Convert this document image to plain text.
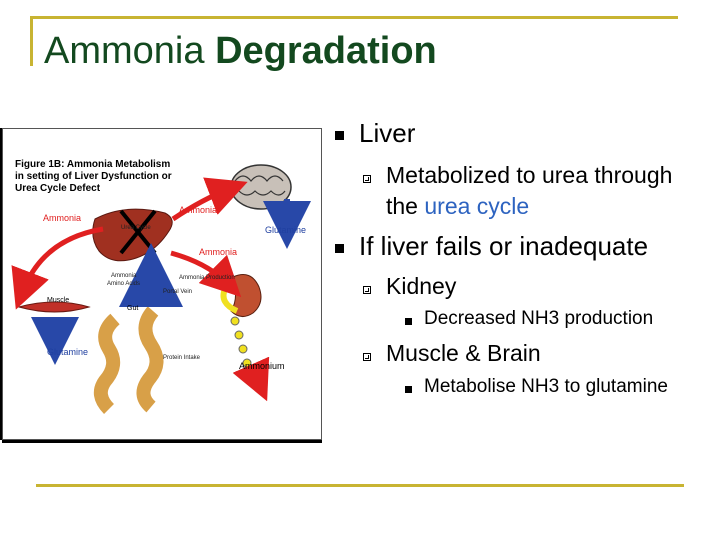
Ammonia Degradation
Figure 1B: Ammonia Metabolism
in setting of Liver Dysfunction or
Urea Cycle Defect
Ammonia
Ammonia
Ammonia
Glutamine
Glutamine
Muscle
Gut
Ammonium
Ammonia
Amino Acids
Portal Vein
Ammonia Production
Protein Intake
Urea Cycle

Liver

Metabolized to urea through
the urea cycle

If liver fails or inadequate

Kidney

Decreased NH3 production

Muscle & Brain

Metabolise NH3 to glutamine
